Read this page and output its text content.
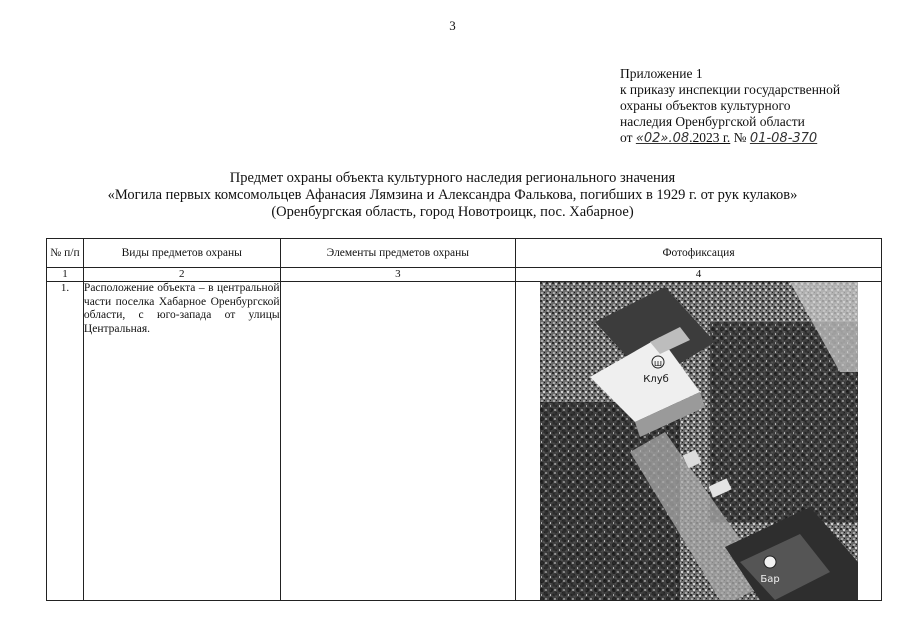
3
Приложение 1
к приказу инспекции государственной
охраны объектов культурного
наследия Оренбургской области
от «02».08.2023 г. № 01-08-370
Предмет охраны объекта культурного наследия регионального значения
«Могила первых комсомольцев Афанасия Лямзина и Александра Фалькова, погибших в 1929 г. от рук кулаков»
(Оренбургская область, город Новотроицк, пос. Хабарное)
№ п/п	Виды предметов охраны	Элементы предметов охраны	Фотофиксация
1	2	3	4
1.	Расположение объекта – в центральной части поселка Хабарное Оренбургской области, с юго-запада от улицы Центральная.		ш
Клуб
Бар
